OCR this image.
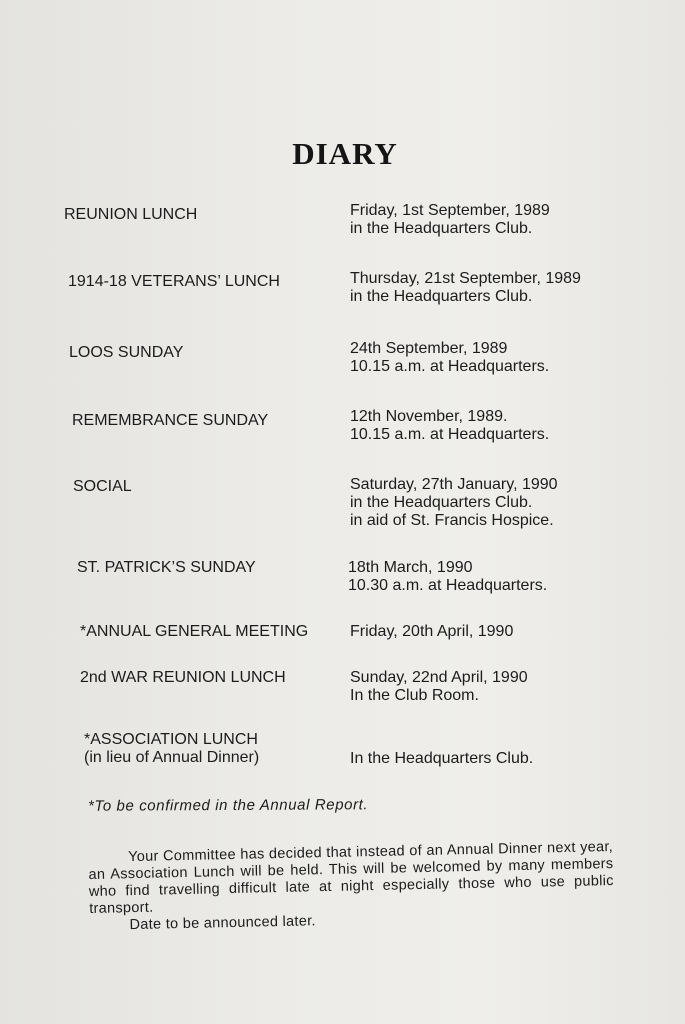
DIARY
REUNION LUNCH	Friday, 1st September, 1989
in the Headquarters Club.
1914-18 VETERANS’ LUNCH	Thursday, 21st September, 1989
in the Headquarters Club.
LOOS SUNDAY	24th September, 1989
10.15 a.m. at Headquarters.
REMEMBRANCE SUNDAY	12th November, 1989.
10.15 a.m. at Headquarters.
SOCIAL	Saturday, 27th January, 1990
in the Headquarters Club.
in aid of St. Francis Hospice.
ST. PATRICK’S SUNDAY	18th March, 1990
10.30 a.m. at Headquarters.
*ANNUAL GENERAL MEETING	Friday, 20th April, 1990
2nd WAR REUNION LUNCH	Sunday, 22nd April, 1990
In the Club Room.
*ASSOCIATION LUNCH
(in lieu of Annual Dinner)	In the Headquarters Club.
*To be confirmed in the Annual Report.

Your Committee has decided that instead of an Annual Dinner next year, an Association Lunch will be held. This will be welcomed by many members who find travelling difficult late at night especially those who use public transport.

Date to be announced later.
